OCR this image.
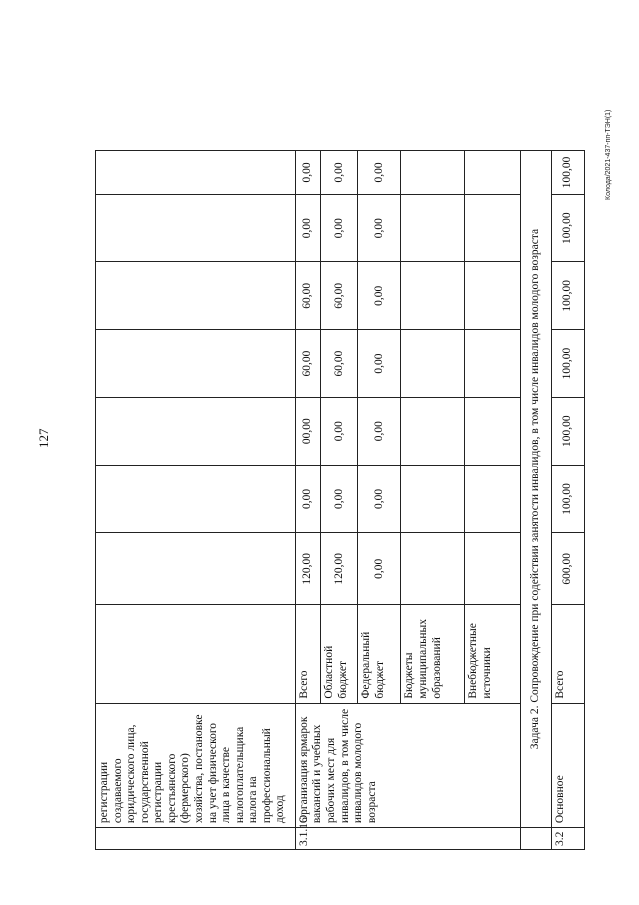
127
Колода/2021-437-пп-ТЭН(1)
	регистрации создаваемого юридического лица, государственной регистрации крестьянского (фермерского) хозяйства, постановке на учет физического лица в качестве налогоплательщика налога на профессиональный доход								
3.1.16	Организация ярмарок вакансий и учебных рабочих мест для инвалидов, в том числе инвалидов молодого возраста	Всего	120,00	0,00	00,00	60,00	60,00	0,00	0,00
		Областной бюджет	120,00	0,00	0,00	60,00	60,00	0,00	0,00
		Федеральный бюджет	0,00	0,00	0,00	0,00	0,00	0,00	0,00
		Бюджеты муниципальных образований							
		Внебюджетные источники							
	Задача 2. Сопровождение при содействии занятости инвалидов, в том числе инвалидов молодого возраста								
3.2	Основное	Всего	600,00	100,00	100,00	100,00	100,00	100,00	100,00
